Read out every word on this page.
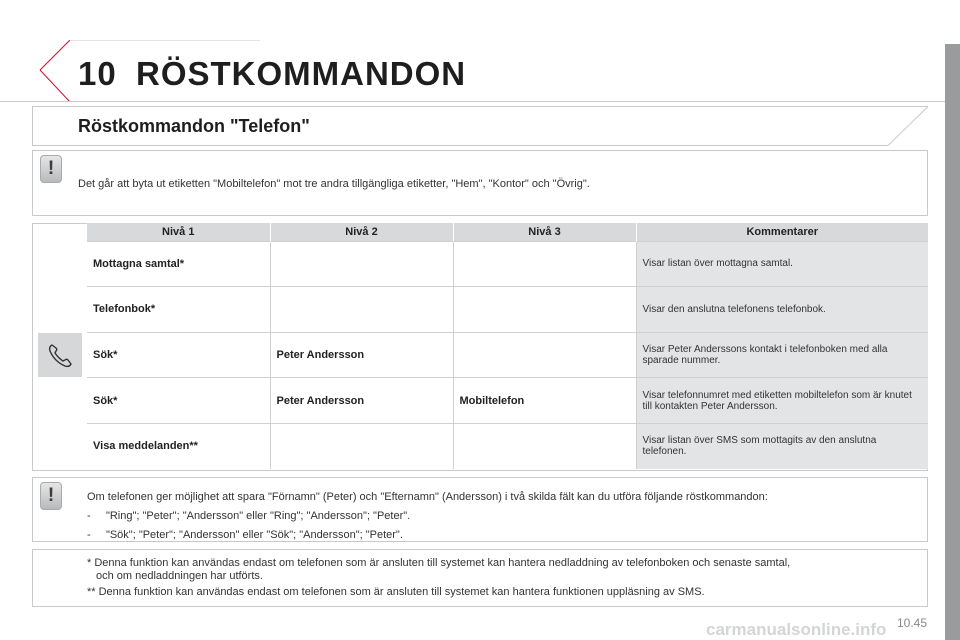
10 RÖSTKOMMANDON
Röstkommandon "Telefon"
!
Det går att byta ut etiketten "Mobiltelefon" mot tre andra tillgängliga etiketter, "Hem", "Kontor" och "Övrig".
Nivå 1	Nivå 2	Nivå 3	Kommentarer
Mottagna samtal*			Visar listan över mottagna samtal.
Telefonbok*			Visar den anslutna telefonens telefonbok.
Sök*	Peter Andersson		Visar Peter Anderssons kontakt i telefonboken med alla sparade nummer.
Sök*	Peter Andersson	Mobiltelefon	Visar telefonnumret med etiketten mobiltelefon som är knutet till kontakten Peter Andersson.
Visa meddelanden**			Visar listan över SMS som mottagits av den anslutna telefonen.
!	Om telefonen ger möjlighet att spara "Förnamn" (Peter) och "Efternamn" (Andersson) i två skilda fält kan du utföra följande röstkommandon:
-     "Ring"; "Peter"; "Andersson" eller "Ring"; "Andersson"; "Peter".
-     "Sök"; "Peter"; "Andersson" eller "Sök"; "Andersson"; "Peter".

* Denna funktion kan användas endast om telefonen som är ansluten till systemet kan hantera nedladdning av telefonboken och senaste samtal,
och om nedladdningen har utförts.

** Denna funktion kan användas endast om telefonen som är ansluten till systemet kan hantera funktionen uppläsning av SMS.

carmanualsonline.info 10.45
